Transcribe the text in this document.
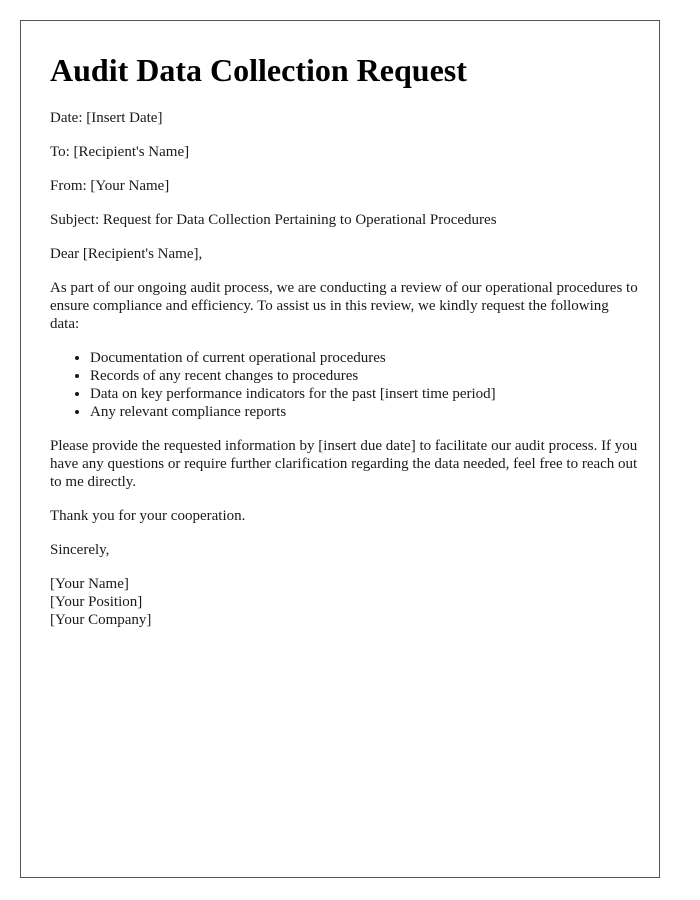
Audit Data Collection Request

Date: [Insert Date]

To: [Recipient's Name]

From: [Your Name]

Subject: Request for Data Collection Pertaining to Operational Procedures

Dear [Recipient's Name],

As part of our ongoing audit process, we are conducting a review of our operational procedures to ensure compliance and efficiency. To assist us in this review, we kindly request the following data:

• Documentation of current operational procedures
• Records of any recent changes to procedures
• Data on key performance indicators for the past [insert time period]
• Any relevant compliance reports

Please provide the requested information by [insert due date] to facilitate our audit process. If you have any questions or require further clarification regarding the data needed, feel free to reach out to me directly.

Thank you for your cooperation.

Sincerely,

[Your Name]
[Your Position]
[Your Company]
